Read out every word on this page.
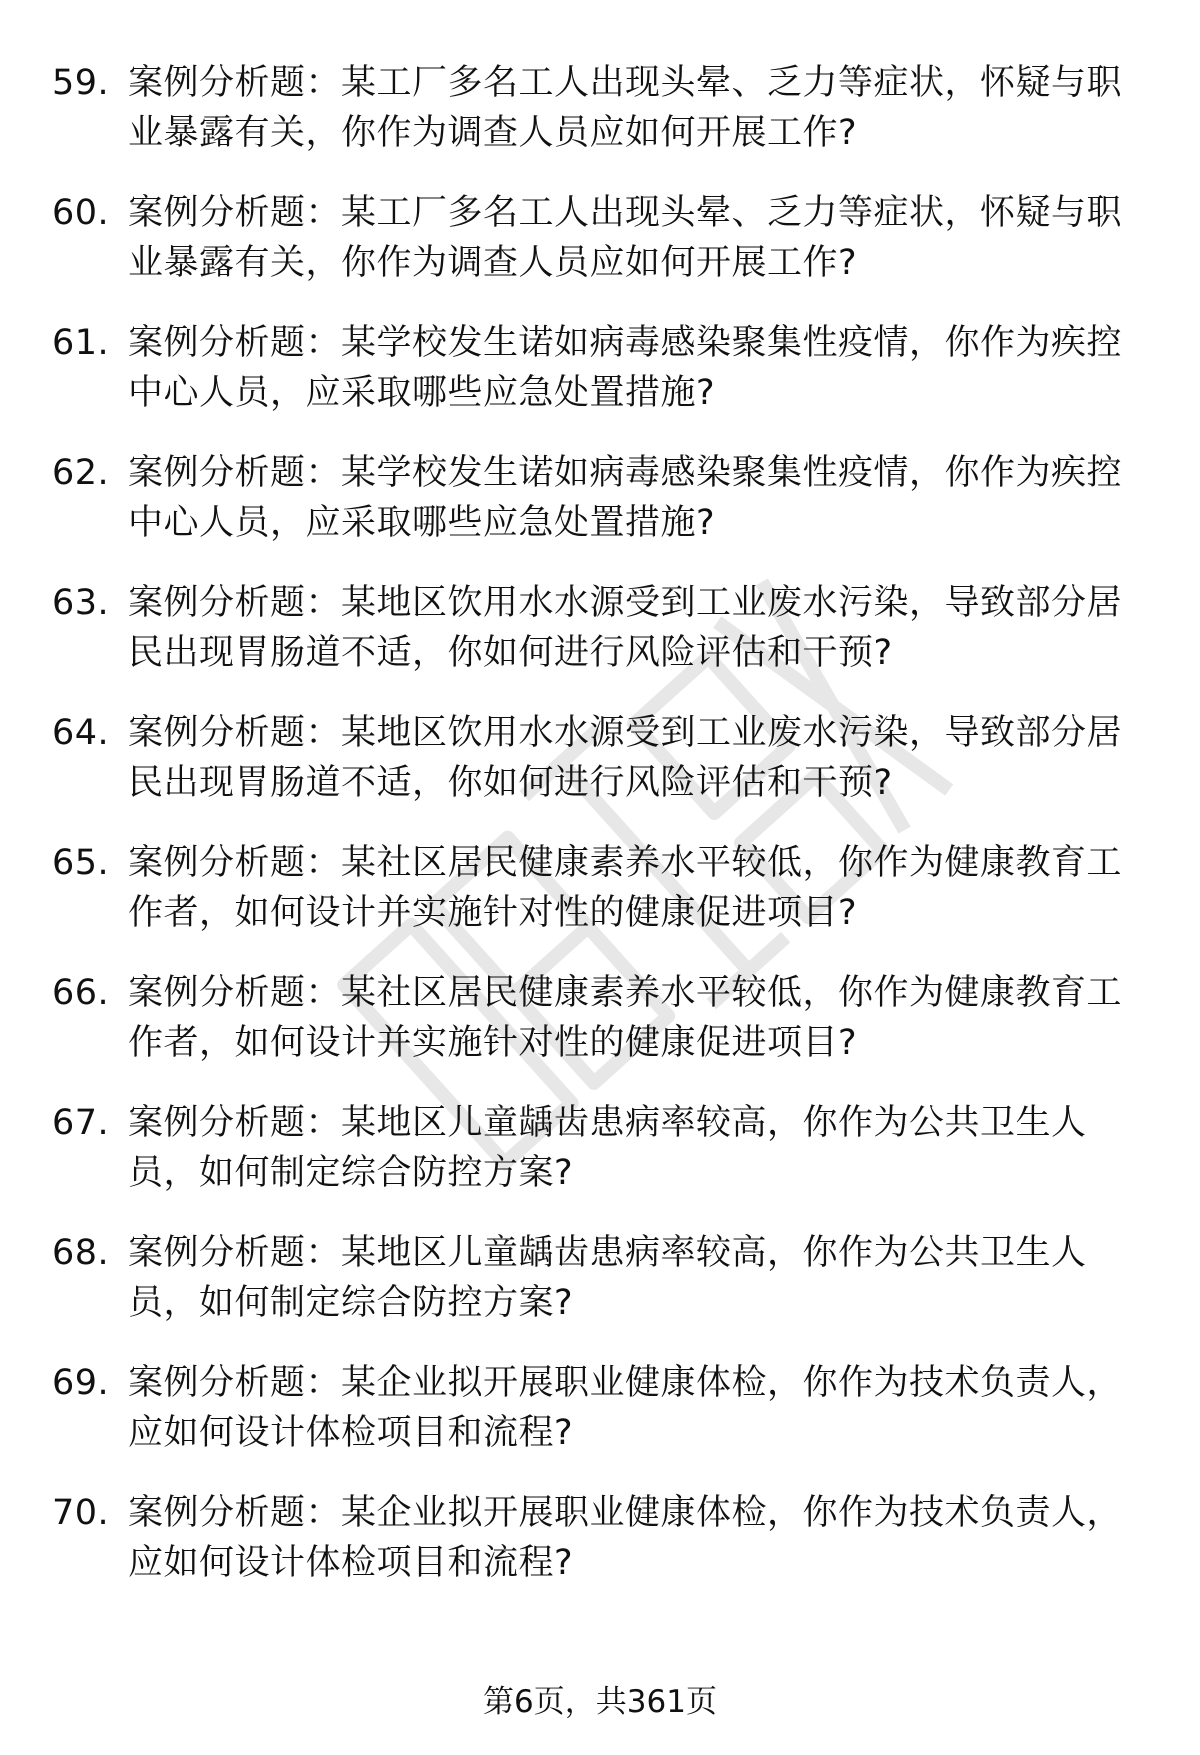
59. 案例分析题：某工厂多名工人出现头晕、乏力等症状，怀疑与职业暴露有关，你作为调查人员应如何开展工作?
60. 案例分析题：某工厂多名工人出现头晕、乏力等症状，怀疑与职业暴露有关，你作为调查人员应如何开展工作?
61. 案例分析题：某学校发生诺如病毒感染聚集性疫情，你作为疾控中心人员，应采取哪些应急处置措施?
62. 案例分析题：某学校发生诺如病毒感染聚集性疫情，你作为疾控中心人员，应采取哪些应急处置措施?
63. 案例分析题：某地区饮用水水源受到工业废水污染，导致部分居民出现胃肠道不适，你如何进行风险评估和干预?
64. 案例分析题：某地区饮用水水源受到工业废水污染，导致部分居民出现胃肠道不适，你如何进行风险评估和干预?
65. 案例分析题：某社区居民健康素养水平较低，你作为健康教育工作者，如何设计并实施针对性的健康促进项目?
66. 案例分析题：某社区居民健康素养水平较低，你作为健康教育工作者，如何设计并实施针对性的健康促进项目?
67. 案例分析题：某地区儿童龋齿患病率较高，你作为公共卫生人员，如何制定综合防控方案?
68. 案例分析题：某地区儿童龋齿患病率较高，你作为公共卫生人员，如何制定综合防控方案?
69. 案例分析题：某企业拟开展职业健康体检，你作为技术负责人，应如何设计体检项目和流程?
70. 案例分析题：某企业拟开展职业健康体检，你作为技术负责人，应如何设计体检项目和流程?
第6页，共361页
